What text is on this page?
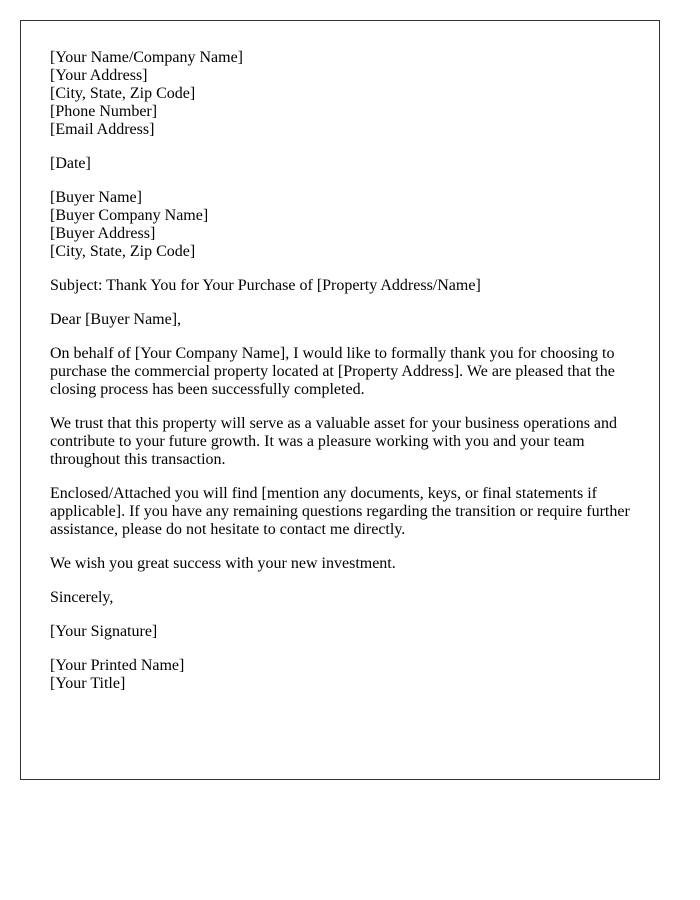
[Your Name/Company Name]
[Your Address]
[City, State, Zip Code]
[Phone Number]
[Email Address]
[Date]
[Buyer Name]
[Buyer Company Name]
[Buyer Address]
[City, State, Zip Code]
Subject: Thank You for Your Purchase of [Property Address/Name]
Dear [Buyer Name],
On behalf of [Your Company Name], I would like to formally thank you for choosing to
purchase the commercial property located at [Property Address]. We are pleased that the
closing process has been successfully completed.
We trust that this property will serve as a valuable asset for your business operations and
contribute to your future growth. It was a pleasure working with you and your team
throughout this transaction.
Enclosed/Attached you will find [mention any documents, keys, or final statements if
applicable]. If you have any remaining questions regarding the transition or require further
assistance, please do not hesitate to contact me directly.
We wish you great success with your new investment.
Sincerely,
[Your Signature]
[Your Printed Name]
[Your Title]
